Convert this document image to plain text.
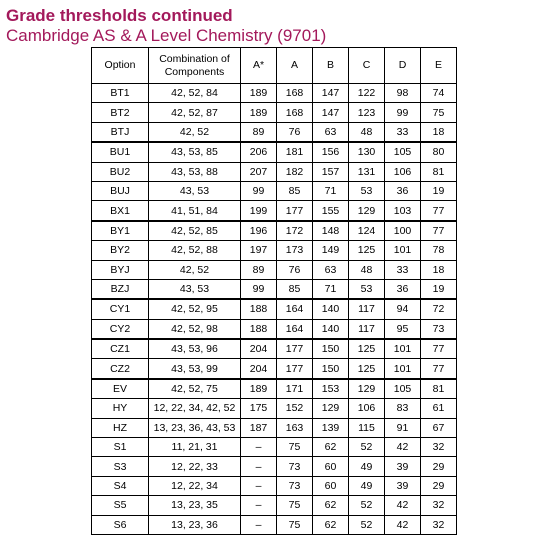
Grade thresholds continued
Cambridge AS & A Level Chemistry (9701)
Option	Combination of Components	A*	A	B	C	D	E
BT1	42, 52, 84	189	168	147	122	98	74
BT2	42, 52, 87	189	168	147	123	99	75
BTJ	42, 52	89	76	63	48	33	18
BU1	43, 53, 85	206	181	156	130	105	80
BU2	43, 53, 88	207	182	157	131	106	81
BUJ	43, 53	99	85	71	53	36	19
BX1	41, 51, 84	199	177	155	129	103	77
BY1	42, 52, 85	196	172	148	124	100	77
BY2	42, 52, 88	197	173	149	125	101	78
BYJ	42, 52	89	76	63	48	33	18
BZJ	43, 53	99	85	71	53	36	19
CY1	42, 52, 95	188	164	140	117	94	72
CY2	42, 52, 98	188	164	140	117	95	73
CZ1	43, 53, 96	204	177	150	125	101	77
CZ2	43, 53, 99	204	177	150	125	101	77
EV	42, 52, 75	189	171	153	129	105	81
HY	12, 22, 34, 42, 52	175	152	129	106	83	61
HZ	13, 23, 36, 43, 53	187	163	139	115	91	67
S1	11, 21, 31	–	75	62	52	42	32
S3	12, 22, 33	–	73	60	49	39	29
S4	12, 22, 34	–	73	60	49	39	29
S5	13, 23, 35	–	75	62	52	42	32
S6	13, 23, 36	–	75	62	52	42	32
